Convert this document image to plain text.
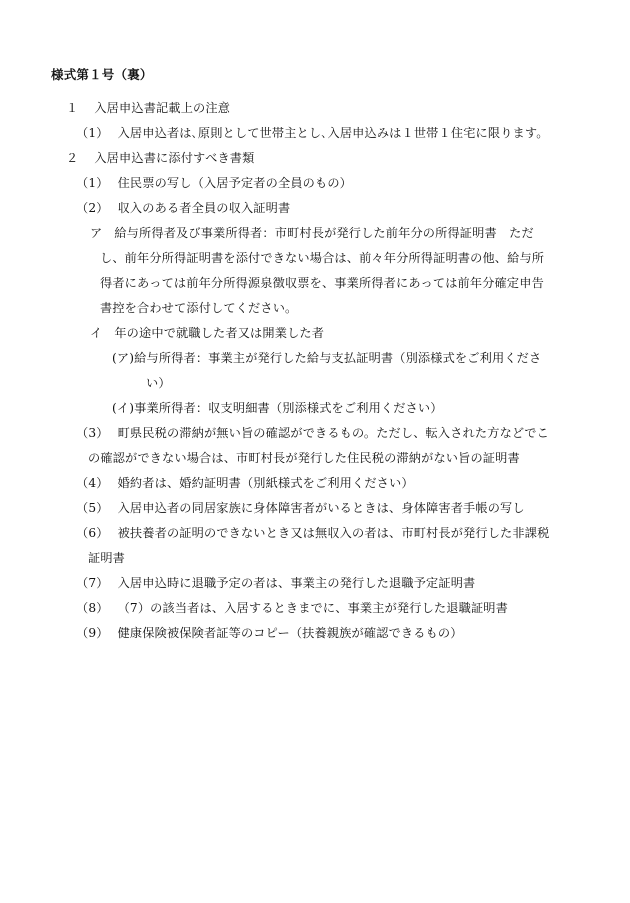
様式第１号（裏）
１ 入居申込書記載上の注意
（1） 入居申込者は､原則として世帯主とし､入居申込みは１世帯１住宅に限ります。
２ 入居申込書に添付すべき書類
（1） 住民票の写し（入居予定者の全員のもの）
（2） 収入のある者全員の収入証明書
ア 給与所得者及び事業所得者：市町村長が発行した前年分の所得証明書　ただ
し、前年分所得証明書を添付できない場合は、前々年分所得証明書の他、給与所
得者にあっては前年分所得源泉徴収票を、事業所得者にあっては前年分確定申告
書控を合わせて添付してください。
イ 年の途中で就職した者又は開業した者
(ア)給与所得者：事業主が発行した給与支払証明書（別添様式をご利用くださ
い）
(イ)事業所得者：収支明細書（別添様式をご利用ください）
（3） 町県民税の滞納が無い旨の確認ができるもの。ただし、転入された方などでこ
の確認ができない場合は、市町村長が発行した住民税の滞納がない旨の証明書
（4） 婚約者は、婚約証明書（別紙様式をご利用ください）
（5） 入居申込者の同居家族に身体障害者がいるときは、身体障害者手帳の写し
（6） 被扶養者の証明のできないとき又は無収入の者は、市町村長が発行した非課税
証明書
（7） 入居申込時に退職予定の者は、事業主の発行した退職予定証明書
（8） （7）の該当者は、入居するときまでに、事業主が発行した退職証明書
（9） 健康保険被保険者証等のコピー（扶養親族が確認できるもの）
